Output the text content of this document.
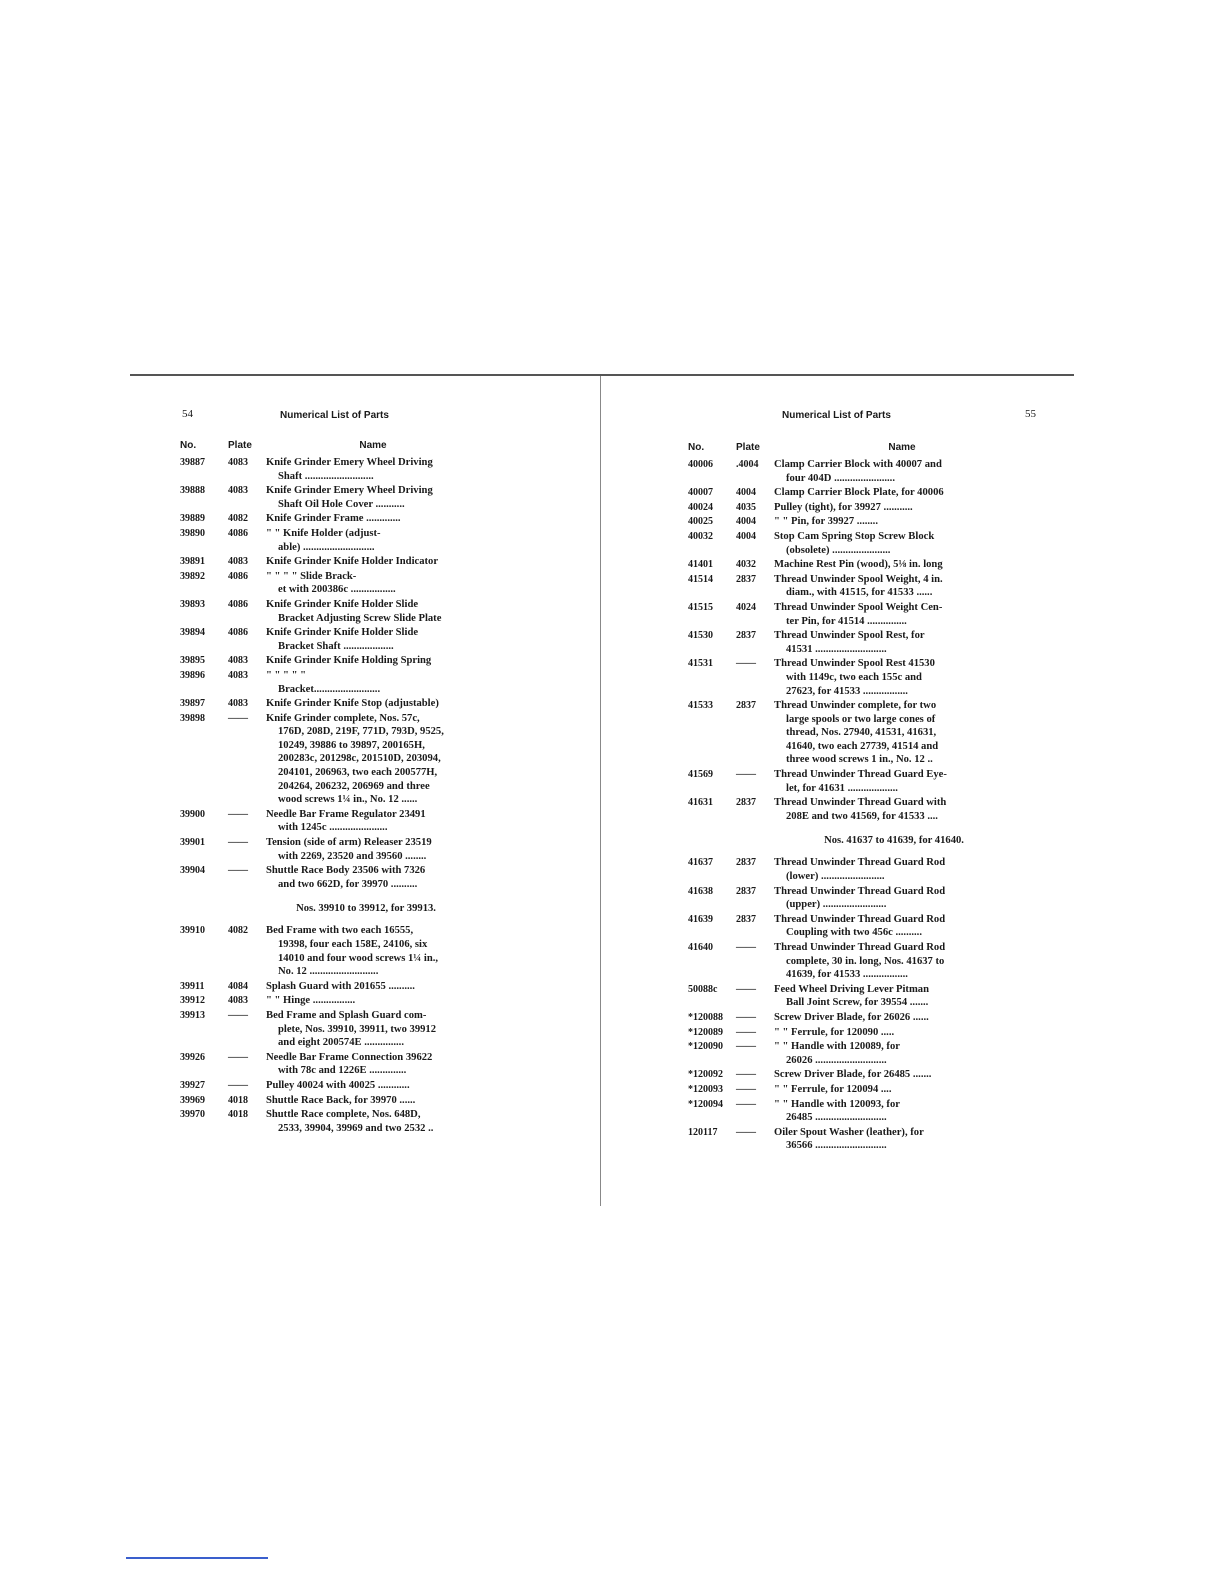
54	Numerical List of Parts
No.	Plate	Name
39887	4083	Knife Grinder Emery Wheel Driving
Shaft ..........................
39888	4083	Knife Grinder Emery Wheel Driving
Shaft Oil Hole Cover ...........
39889	4082	Knife Grinder Frame .............
39890	4086	" " Knife Holder (adjust-
able) ...........................
39891	4083	Knife Grinder Knife Holder Indicator
39892	4086	" " " " Slide Brack-
et with 200386c .................
39893	4086	Knife Grinder Knife Holder Slide
Bracket Adjusting Screw Slide Plate
39894	4086	Knife Grinder Knife Holder Slide
Bracket Shaft ...................
39895	4083	Knife Grinder Knife Holding Spring
39896	4083	" " " " "
Bracket.........................
39897	4083	Knife Grinder Knife Stop (adjustable)
39898	——	Knife Grinder complete, Nos. 57c,
176D, 208D, 219F, 771D, 793D, 9525,
10249, 39886 to 39897, 200165H,
200283c, 201298c, 201510D, 203094,
204101, 206963, two each 200577H,
204264, 206232, 206969 and three
wood screws 1¼ in., No. 12 ......
39900	——	Needle Bar Frame Regulator 23491
with 1245c ......................
39901	——	Tension (side of arm) Releaser 23519
with 2269, 23520 and 39560 ........
39904	——	Shuttle Race Body 23506 with 7326
and two 662D, for 39970 ..........
Nos. 39910 to 39912, for 39913.
39910	4082	Bed Frame with two each 16555,
19398, four each 158E, 24106, six
14010 and four wood screws 1¼ in.,
No. 12 ..........................
39911	4084	Splash Guard with 201655 ..........
39912	4083	" " Hinge ................
39913	——	Bed Frame and Splash Guard com-
plete, Nos. 39910, 39911, two 39912
and eight 200574E ...............
39926	——	Needle Bar Frame Connection 39622
with 78c and 1226E ..............
39927	——	Pulley 40024 with 40025 ............
39969	4018	Shuttle Race Back, for 39970 ......
39970	4018	Shuttle Race complete, Nos. 648D,
2533, 39904, 39969 and two 2532 ..
Numerical List of Parts	55
No.	Plate	Name
40006	.4004	Clamp Carrier Block with 40007 and
four 404D .......................
40007	4004	Clamp Carrier Block Plate, for 40006
40024	4035	Pulley (tight), for 39927 ...........
40025	4004	" " Pin, for 39927 ........
40032	4004	Stop Cam Spring Stop Screw Block
(obsolete) ......................
41401	4032	Machine Rest Pin (wood), 5⅛ in. long
41514	2837	Thread Unwinder Spool Weight, 4 in.
diam., with 41515, for 41533 ......
41515	4024	Thread Unwinder Spool Weight Cen-
ter Pin, for 41514 ...............
41530	2837	Thread Unwinder Spool Rest, for
41531 ...........................
41531	——	Thread Unwinder Spool Rest 41530
with 1149c, two each 155c and
27623, for 41533 .................
41533	2837	Thread Unwinder complete, for two
large spools or two large cones of
thread, Nos. 27940, 41531, 41631,
41640, two each 27739, 41514 and
three wood screws 1 in., No. 12 ..
41569	——	Thread Unwinder Thread Guard Eye-
let, for 41631 ...................
41631	2837	Thread Unwinder Thread Guard with
208E and two 41569, for 41533 ....
Nos. 41637 to 41639, for 41640.
41637	2837	Thread Unwinder Thread Guard Rod
(lower) ........................
41638	2837	Thread Unwinder Thread Guard Rod
(upper) ........................
41639	2837	Thread Unwinder Thread Guard Rod
Coupling with two 456c ..........
41640	——	Thread Unwinder Thread Guard Rod
complete, 30 in. long, Nos. 41637 to
41639, for 41533 .................
50088c	——	Feed Wheel Driving Lever Pitman
Ball Joint Screw, for 39554 .......
*120088	——	Screw Driver Blade, for 26026 ......
*120089	——	" " Ferrule, for 120090 .....
*120090	——	" " Handle with 120089, for
26026 ...........................
*120092	——	Screw Driver Blade, for 26485 .......
*120093	——	" " Ferrule, for 120094 ....
*120094	——	" " Handle with 120093, for
26485 ...........................
120117	——	Oiler Spout Washer (leather), for
36566 ...........................
